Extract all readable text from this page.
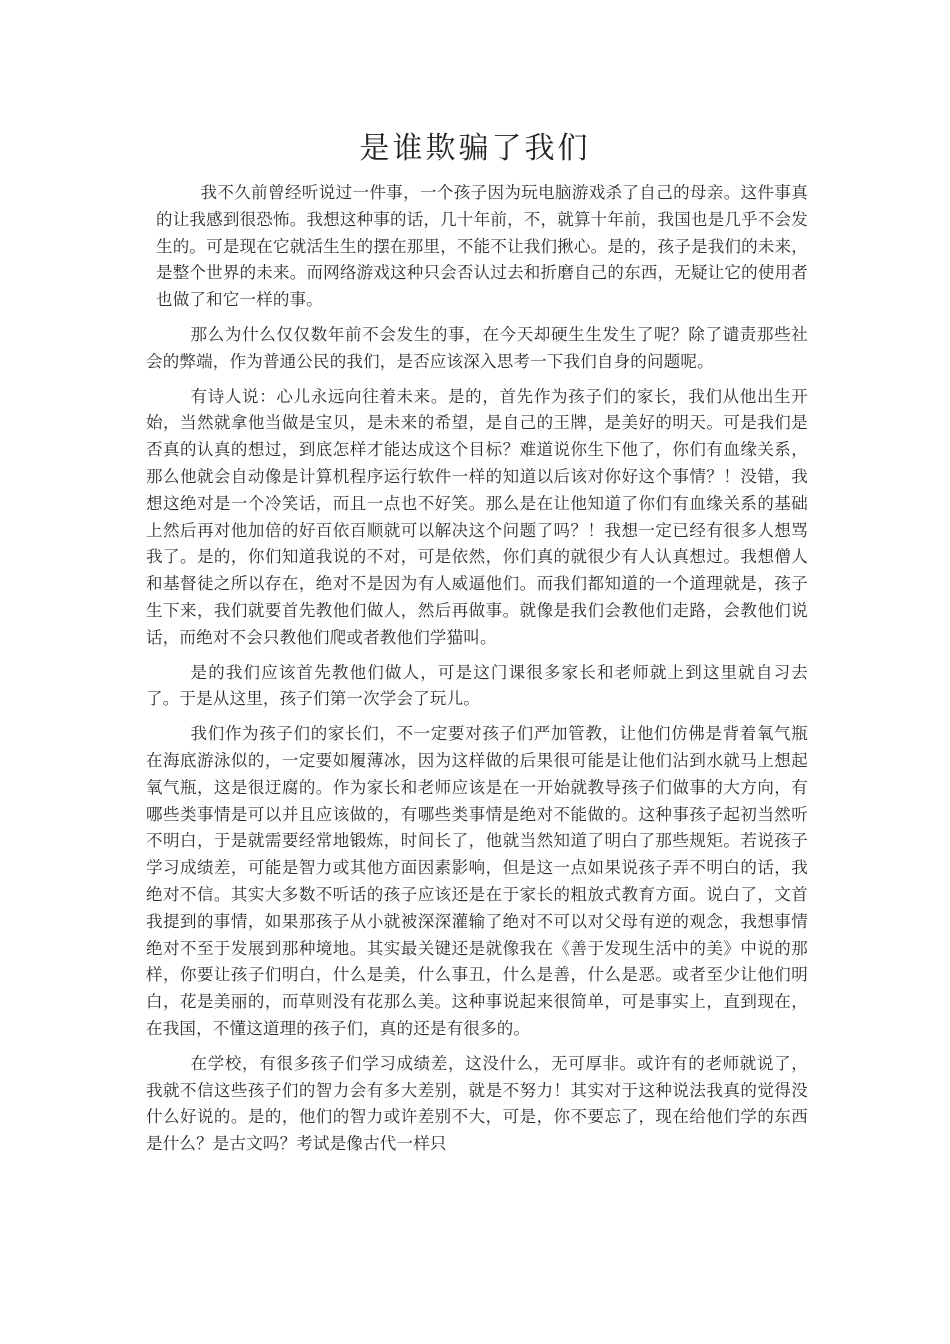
是谁欺骗了我们

我不久前曾经听说过一件事，一个孩子因为玩电脑游戏杀了自己的母亲。这件事真的让我感到很恐怖。我想这种事的话，几十年前，不，就算十年前，我国也是几乎不会发生的。可是现在它就活生生的摆在那里，不能不让我们揪心。是的，孩子是我们的未来，是整个世界的未来。而网络游戏这种只会否认过去和折磨自己的东西，无疑让它的使用者也做了和它一样的事。

那么为什么仅仅数年前不会发生的事，在今天却硬生生发生了呢？除了谴责那些社会的弊端，作为普通公民的我们，是否应该深入思考一下我们自身的问题呢。

有诗人说：心儿永远向往着未来。是的，首先作为孩子们的家长，我们从他出生开始，当然就拿他当做是宝贝，是未来的希望，是自己的王牌，是美好的明天。可是我们是否真的认真的想过，到底怎样才能达成这个目标？难道说你生下他了，你们有血缘关系，那么他就会自动像是计算机程序运行软件一样的知道以后该对你好这个事情？！没错，我想这绝对是一个冷笑话，而且一点也不好笑。那么是在让他知道了你们有血缘关系的基础上然后再对他加倍的好百依百顺就可以解决这个问题了吗？！我想一定已经有很多人想骂我了。是的，你们知道我说的不对，可是依然，你们真的就很少有人认真想过。我想僧人和基督徒之所以存在，绝对不是因为有人威逼他们。而我们都知道的一个道理就是，孩子生下来，我们就要首先教他们做人，然后再做事。就像是我们会教他们走路，会教他们说话，而绝对不会只教他们爬或者教他们学猫叫。

是的我们应该首先教他们做人，可是这门课很多家长和老师就上到这里就自习去了。于是从这里，孩子们第一次学会了玩儿。

我们作为孩子们的家长们，不一定要对孩子们严加管教，让他们仿佛是背着氧气瓶在海底游泳似的，一定要如履薄冰，因为这样做的后果很可能是让他们沾到水就马上想起氧气瓶，这是很迂腐的。作为家长和老师应该是在一开始就教导孩子们做事的大方向，有哪些类事情是可以并且应该做的，有哪些类事情是绝对不能做的。这种事孩子起初当然听不明白，于是就需要经常地锻炼，时间长了，他就当然知道了明白了那些规矩。若说孩子学习成绩差，可能是智力或其他方面因素影响，但是这一点如果说孩子弄不明白的话，我绝对不信。其实大多数不听话的孩子应该还是在于家长的粗放式教育方面。说白了，文首我提到的事情，如果那孩子从小就被深深灌输了绝对不可以对父母有逆的观念，我想事情绝对不至于发展到那种境地。其实最关键还是就像我在《善于发现生活中的美》中说的那样，你要让孩子们明白，什么是美，什么事丑，什么是善，什么是恶。或者至少让他们明白，花是美丽的，而草则没有花那么美。这种事说起来很简单，可是事实上，直到现在，在我国，不懂这道理的孩子们，真的还是有很多的。

在学校，有很多孩子们学习成绩差，这没什么，无可厚非。或许有的老师就说了，我就不信这些孩子们的智力会有多大差别，就是不努力！其实对于这种说法我真的觉得没什么好说的。是的，他们的智力或许差别不大，可是，你不要忘了，现在给他们学的东西是什么？是古文吗？考试是像古代一样只
